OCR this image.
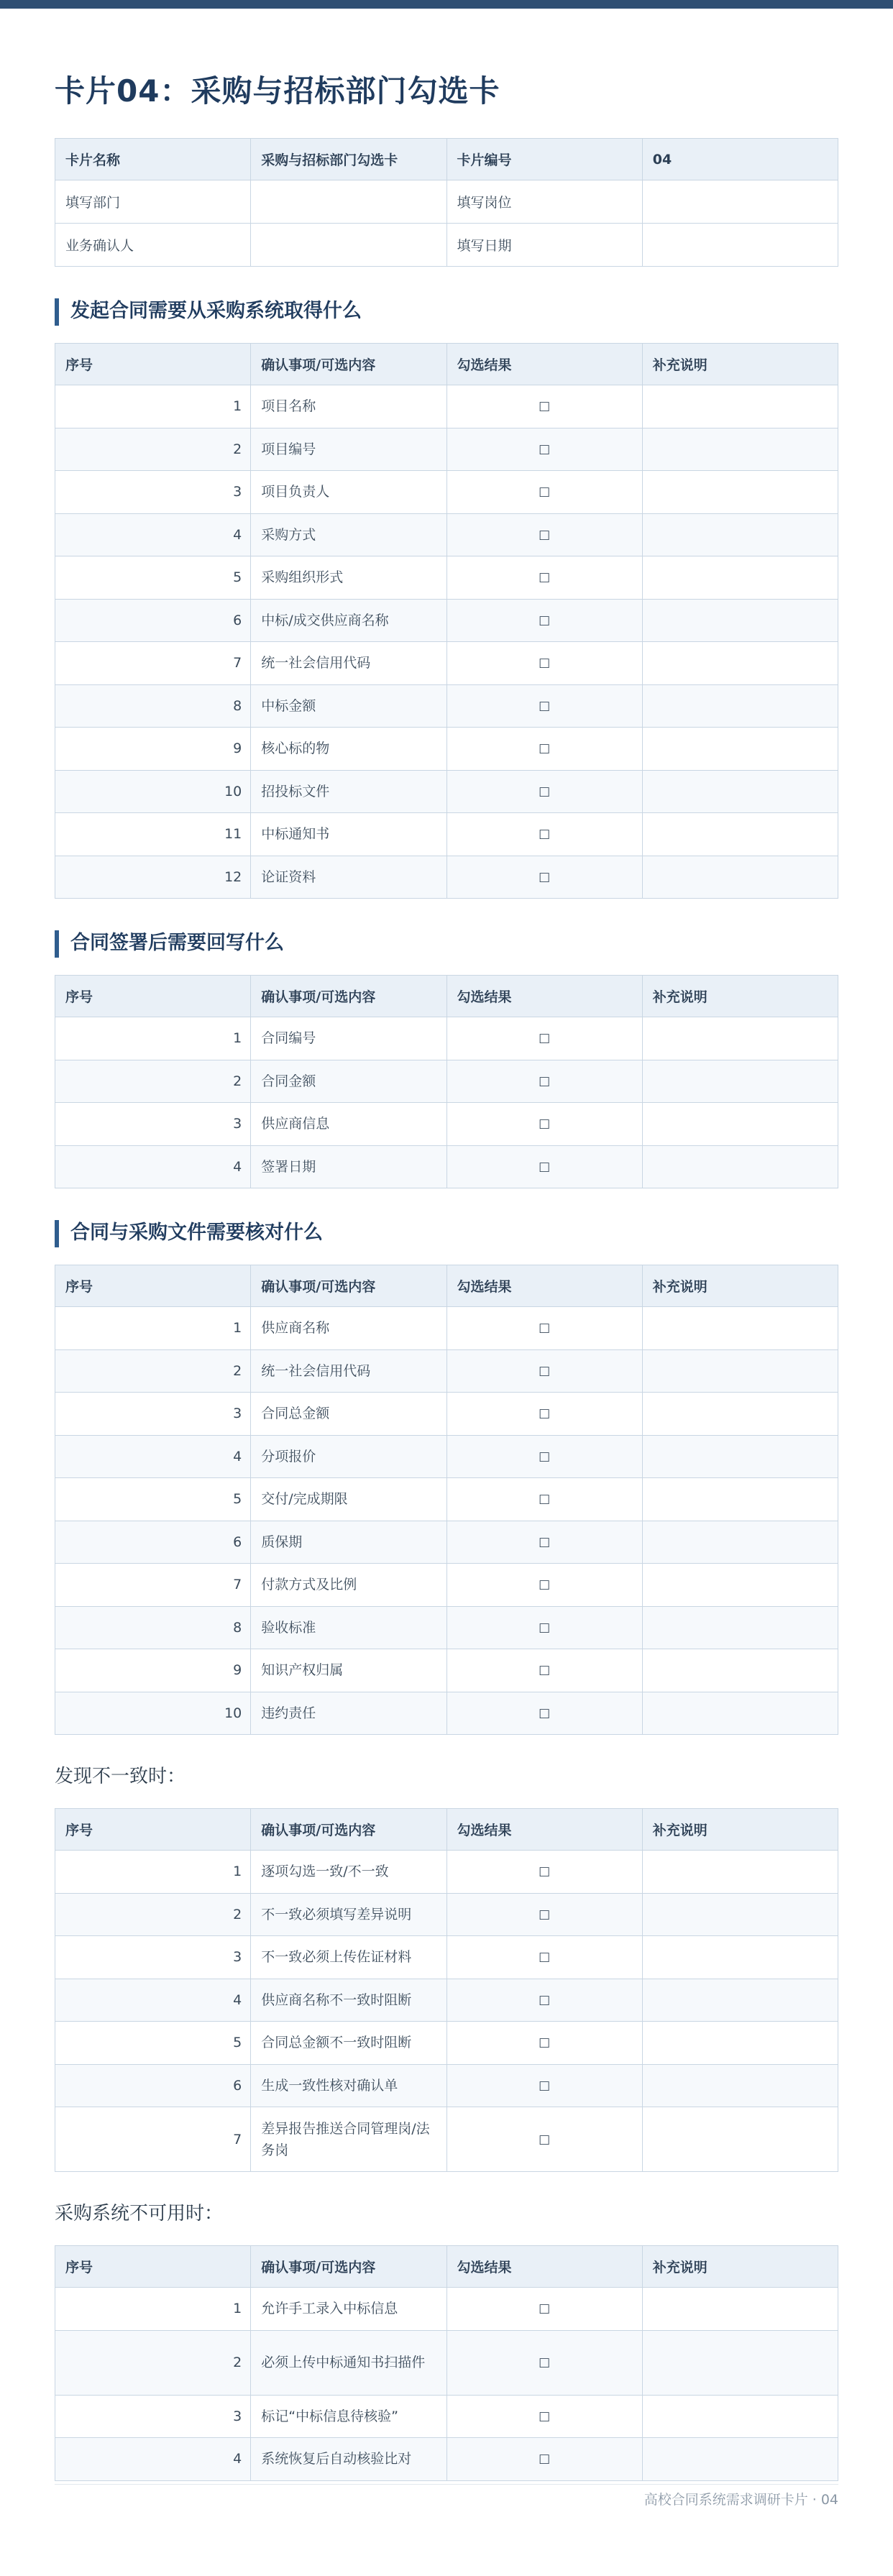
卡片04：采购与招标部门勾选卡
卡片名称	采购与招标部门勾选卡	卡片编号	04
填写部门		填写岗位	
业务确认人		填写日期	
发起合同需要从采购系统取得什么
序号	确认事项/可选内容	勾选结果	补充说明
1	项目名称	□	
2	项目编号	□	
3	项目负责人	□	
4	采购方式	□	
5	采购组织形式	□	
6	中标/成交供应商名称	□	
7	统一社会信用代码	□	
8	中标金额	□	
9	核心标的物	□	
10	招投标文件	□	
11	中标通知书	□	
12	论证资料	□	
合同签署后需要回写什么
序号	确认事项/可选内容	勾选结果	补充说明
1	合同编号	□	
2	合同金额	□	
3	供应商信息	□	
4	签署日期	□	
合同与采购文件需要核对什么
序号	确认事项/可选内容	勾选结果	补充说明
1	供应商名称	□	
2	统一社会信用代码	□	
3	合同总金额	□	
4	分项报价	□	
5	交付/完成期限	□	
6	质保期	□	
7	付款方式及比例	□	
8	验收标准	□	
9	知识产权归属	□	
10	违约责任	□	
发现不一致时：
序号	确认事项/可选内容	勾选结果	补充说明
1	逐项勾选一致/不一致	□	
2	不一致必须填写差异说明	□	
3	不一致必须上传佐证材料	□	
4	供应商名称不一致时阻断	□	
5	合同总金额不一致时阻断	□	
6	生成一致性核对确认单	□	
7	差异报告推送合同管理岗/法务岗	□	
采购系统不可用时：
序号	确认事项/可选内容	勾选结果	补充说明
1	允许手工录入中标信息	□	
2	必须上传中标通知书扫描件	□	
3	标记“中标信息待核验”	□	
4	系统恢复后自动核验比对	□	
高校合同系统需求调研卡片 · 04
